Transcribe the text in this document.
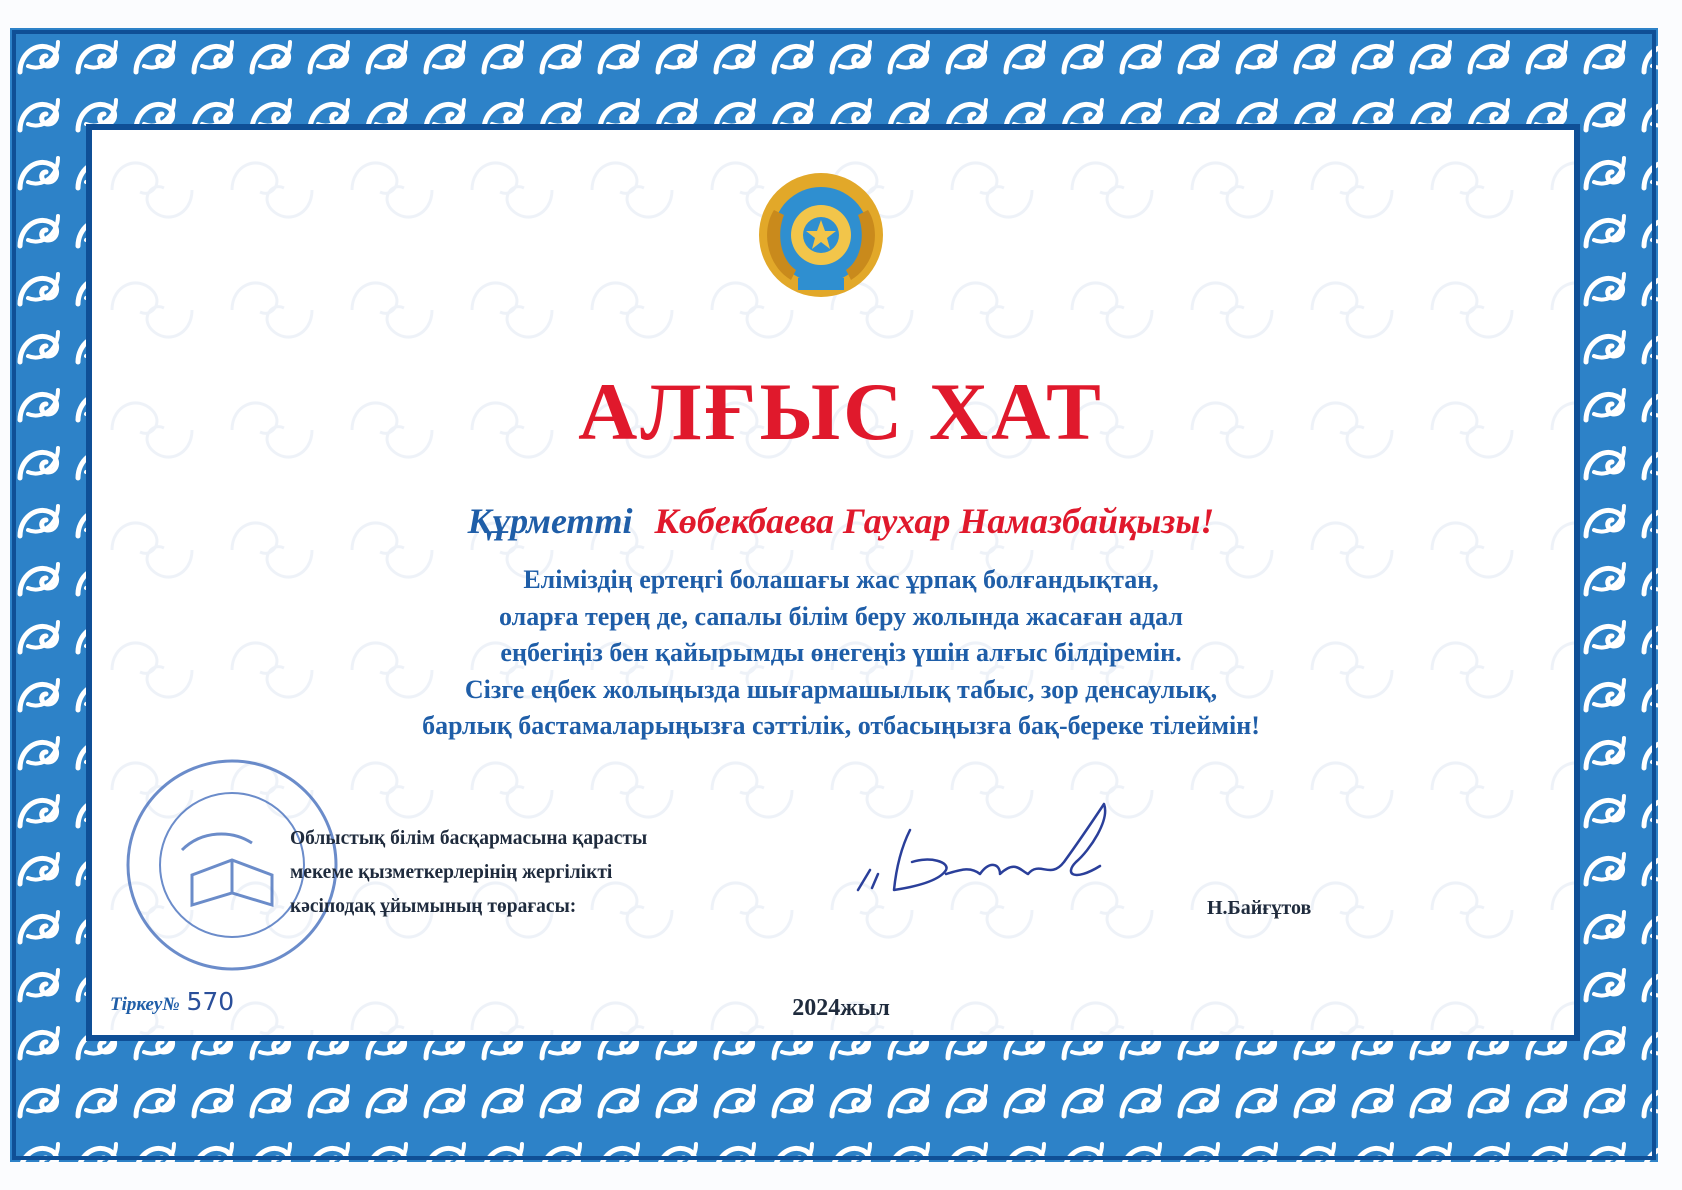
АЛҒЫС ХАТ
Құрметті Көбекбаева Гаухар Намазбайқызы!
Еліміздің ертеңгі болашағы жас ұрпақ болғандықтан,
оларға терең де, сапалы білім беру жолында жасаған адал
еңбегіңіз бен қайырымды өнегеңіз үшін алғыс білдіремін.
Сізге еңбек жолыңызда шығармашылық табыс, зор денсаулық,
барлық бастамаларыңызға сәттілік, отбасыңызға бақ-береке тілеймін!
Облыстық білім басқармасына қарасты
мекеме қызметкерлерінің жергілікті
кәсіподақ ұйымының төрағасы:	Н.Байғұтов
Тіркеу№ 570	2024жыл
